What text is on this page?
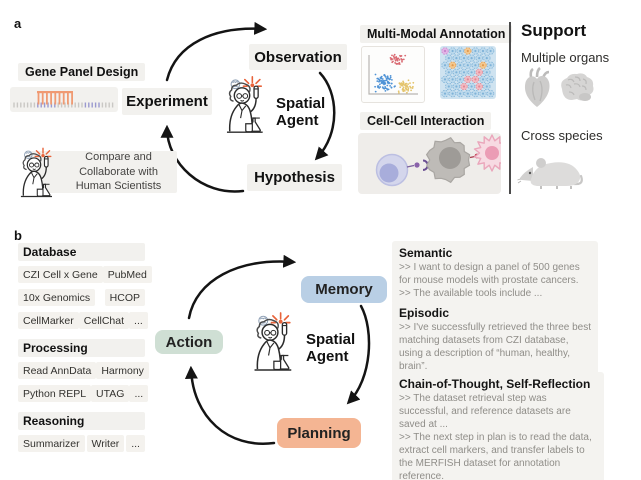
a
Gene Panel Design
Experiment
Observation
Hypothesis
Spatial Agent
Compare and Collaborate with Human Scientists
Multi-Modal Annotation
Cell-Cell Interaction
Support
Multiple organs
Cross species
b
Database
CZI Cell x Gene PubMed
10x Genomics	HCOP
CellMarker CellChat ...
Processing
Read AnnData Harmony
Python REPL UTAG ...
Reasoning
Summarizer	Writer	...
Action
Memory
Planning
Spatial Agent
Semantic
>> I want to design a panel of 500 genes for mouse models with prostate cancers.
>> The available tools include ...
Episodic
>> I've successfully retrieved the three best matching datasets from CZI database, using a description of “human, healthy, brain”.
Chain-of-Thought, Self-Reflection
>> The dataset retrieval step was successful, and reference datasets are saved at ...
>> The next step in plan is to read the data, extract cell markers, and transfer labels to the MERFISH dataset for annotation reference.
